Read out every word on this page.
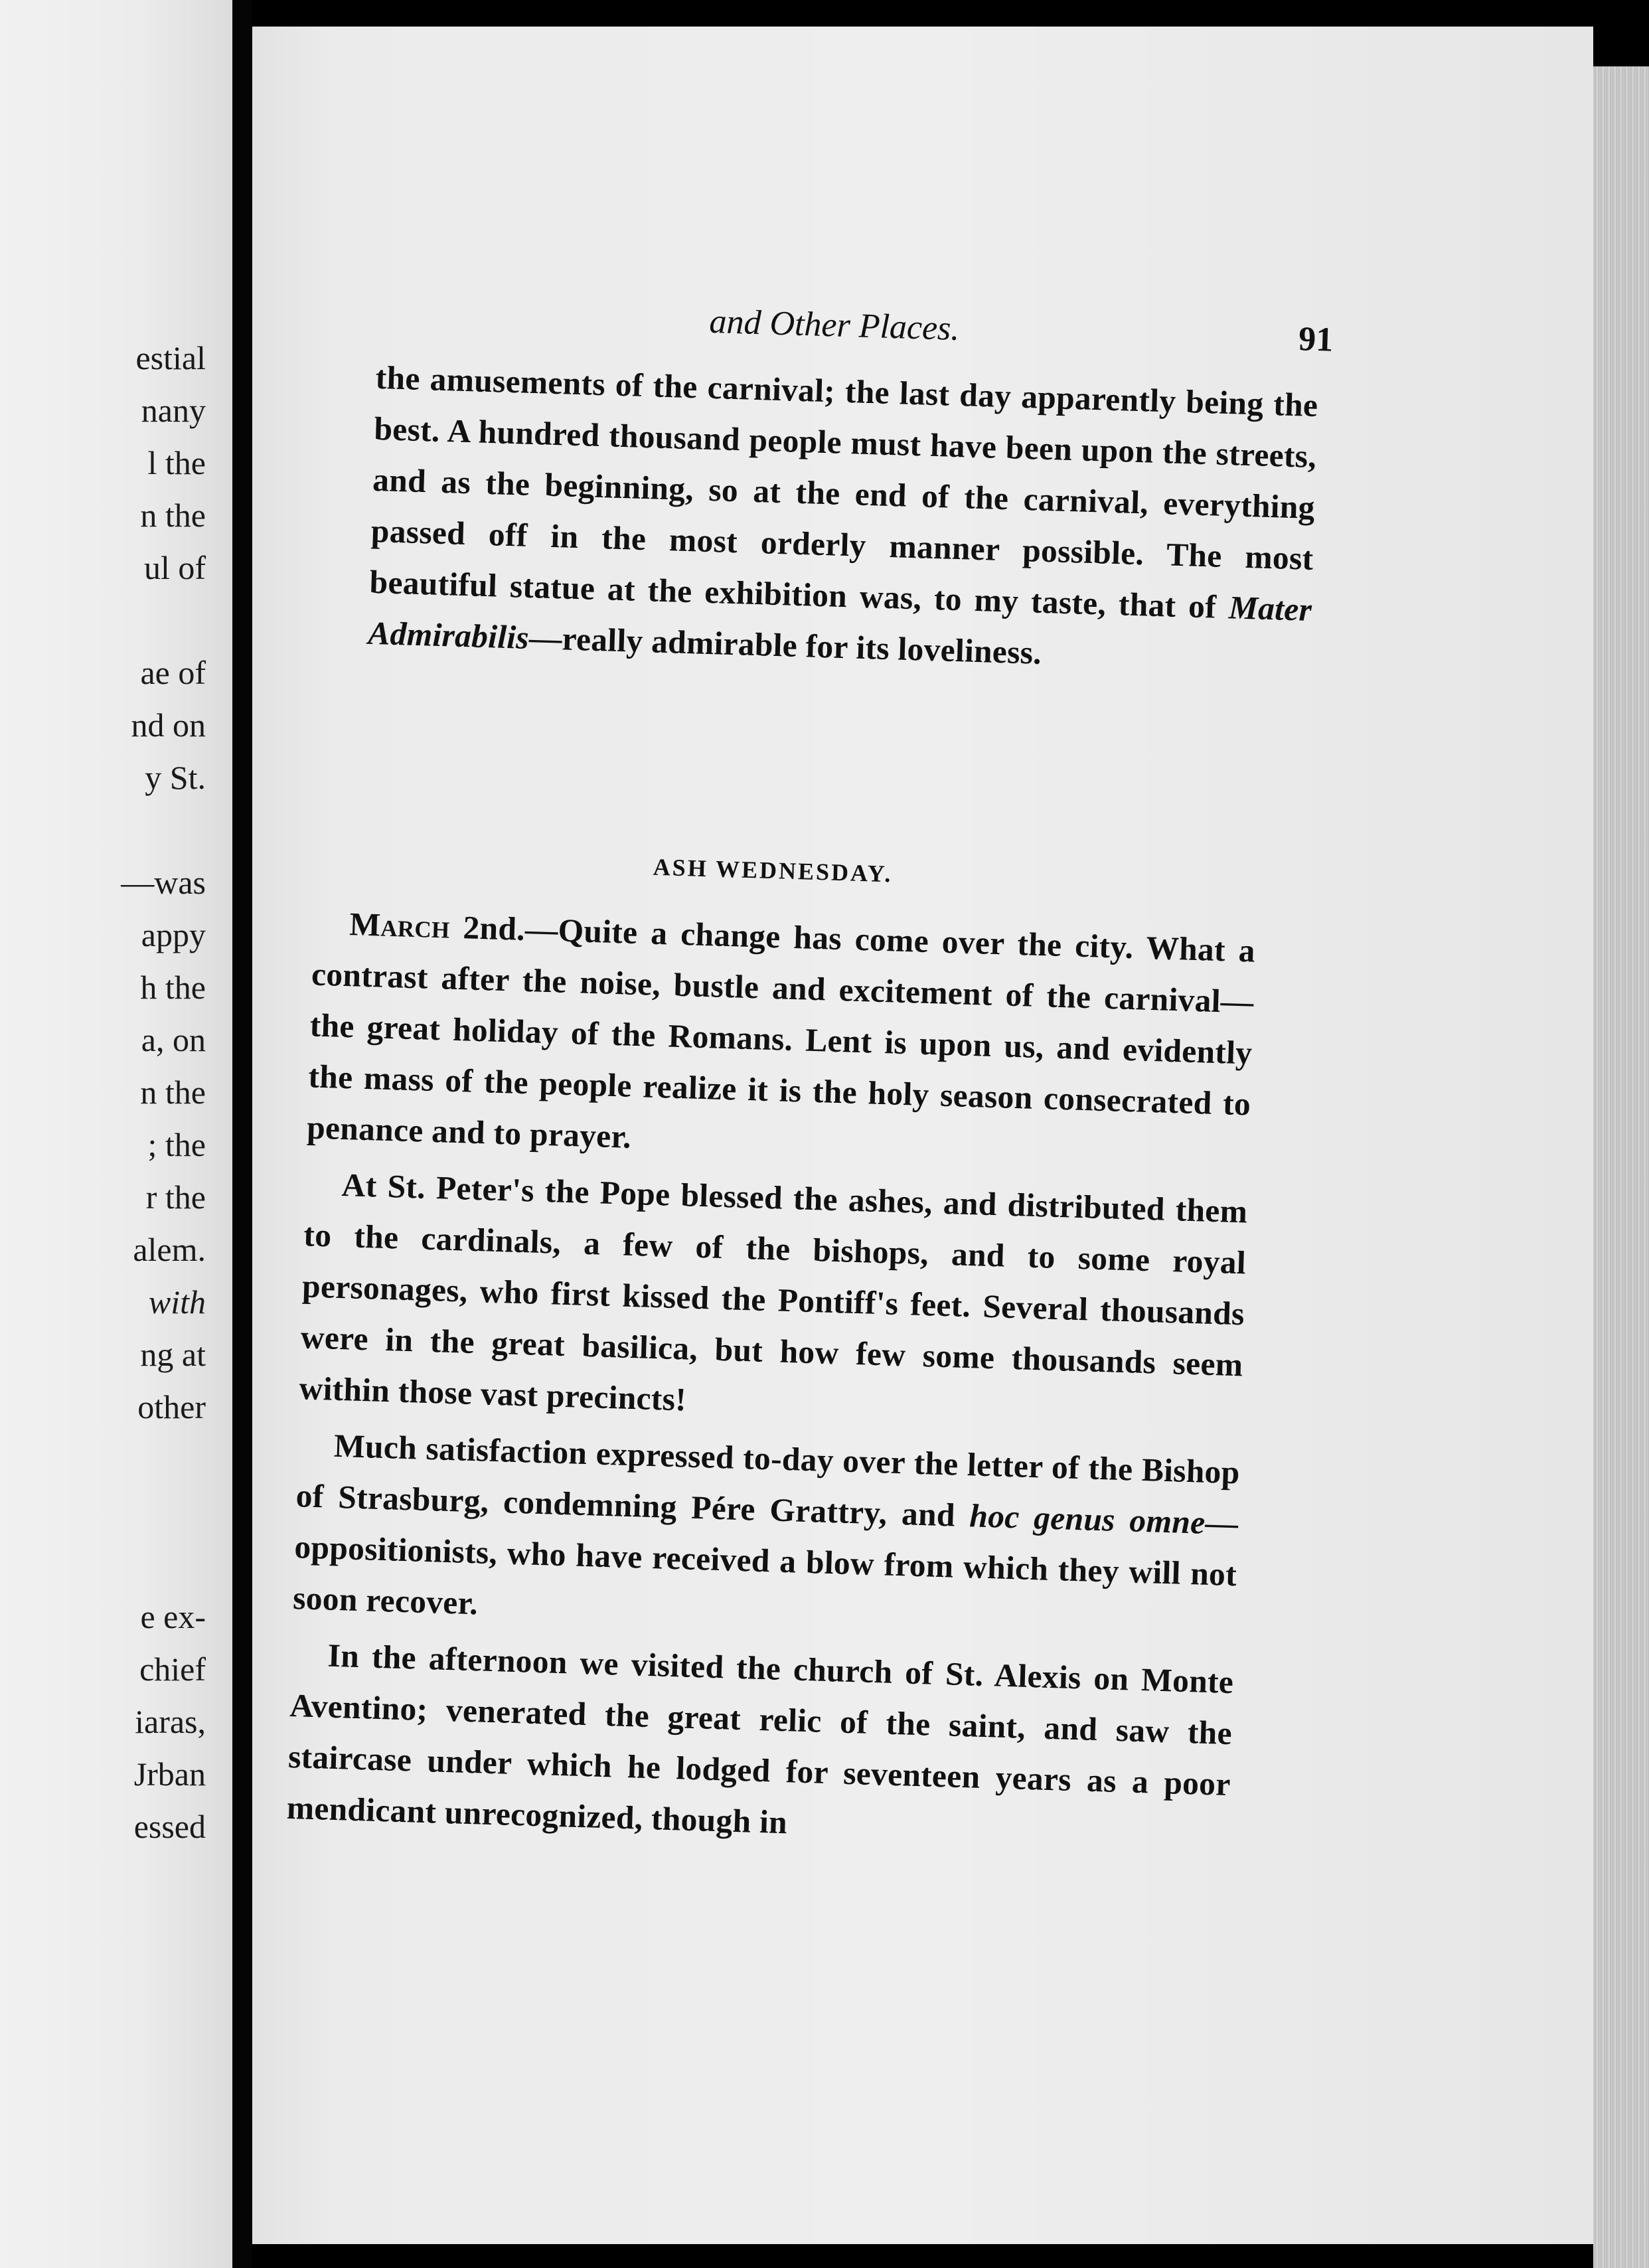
estial
nany
l the
n the
ul of
ae of
nd on
y St.
—was
appy
h the
a, on
n the
; the
r the
alem.
with
ng at
other
e ex-
chief
iaras,
Jrban
essed
and Other Places.	91

the amusements of the carnival; the last day apparently being the best. A hundred thousand people must have been upon the streets, and as the beginning, so at the end of the carnival, everything passed off in the most orderly manner possible. The most beautiful statue at the exhibition was, to my taste, that of Mater Admirabilis—really admirable for its loveliness.

ASH WEDNESDAY.

March 2nd.—Quite a change has come over the city. What a contrast after the noise, bustle and excitement of the carnival—the great holiday of the Romans. Lent is upon us, and evidently the mass of the people realize it is the holy season consecrated to penance and to prayer.

At St. Peter's the Pope blessed the ashes, and distributed them to the cardinals, a few of the bishops, and to some royal personages, who first kissed the Pontiff's feet. Several thousands were in the great basilica, but how few some thousands seem within those vast precincts!

Much satisfaction expressed to-day over the letter of the Bishop of Strasburg, condemning Pére Grattry, and hoc genus omne—oppositionists, who have received a blow from which they will not soon recover.

In the afternoon we visited the church of St. Alexis on Monte Aventino; venerated the great relic of the saint, and saw the staircase under which he lodged for seventeen years as a poor mendicant unrecognized, though in
